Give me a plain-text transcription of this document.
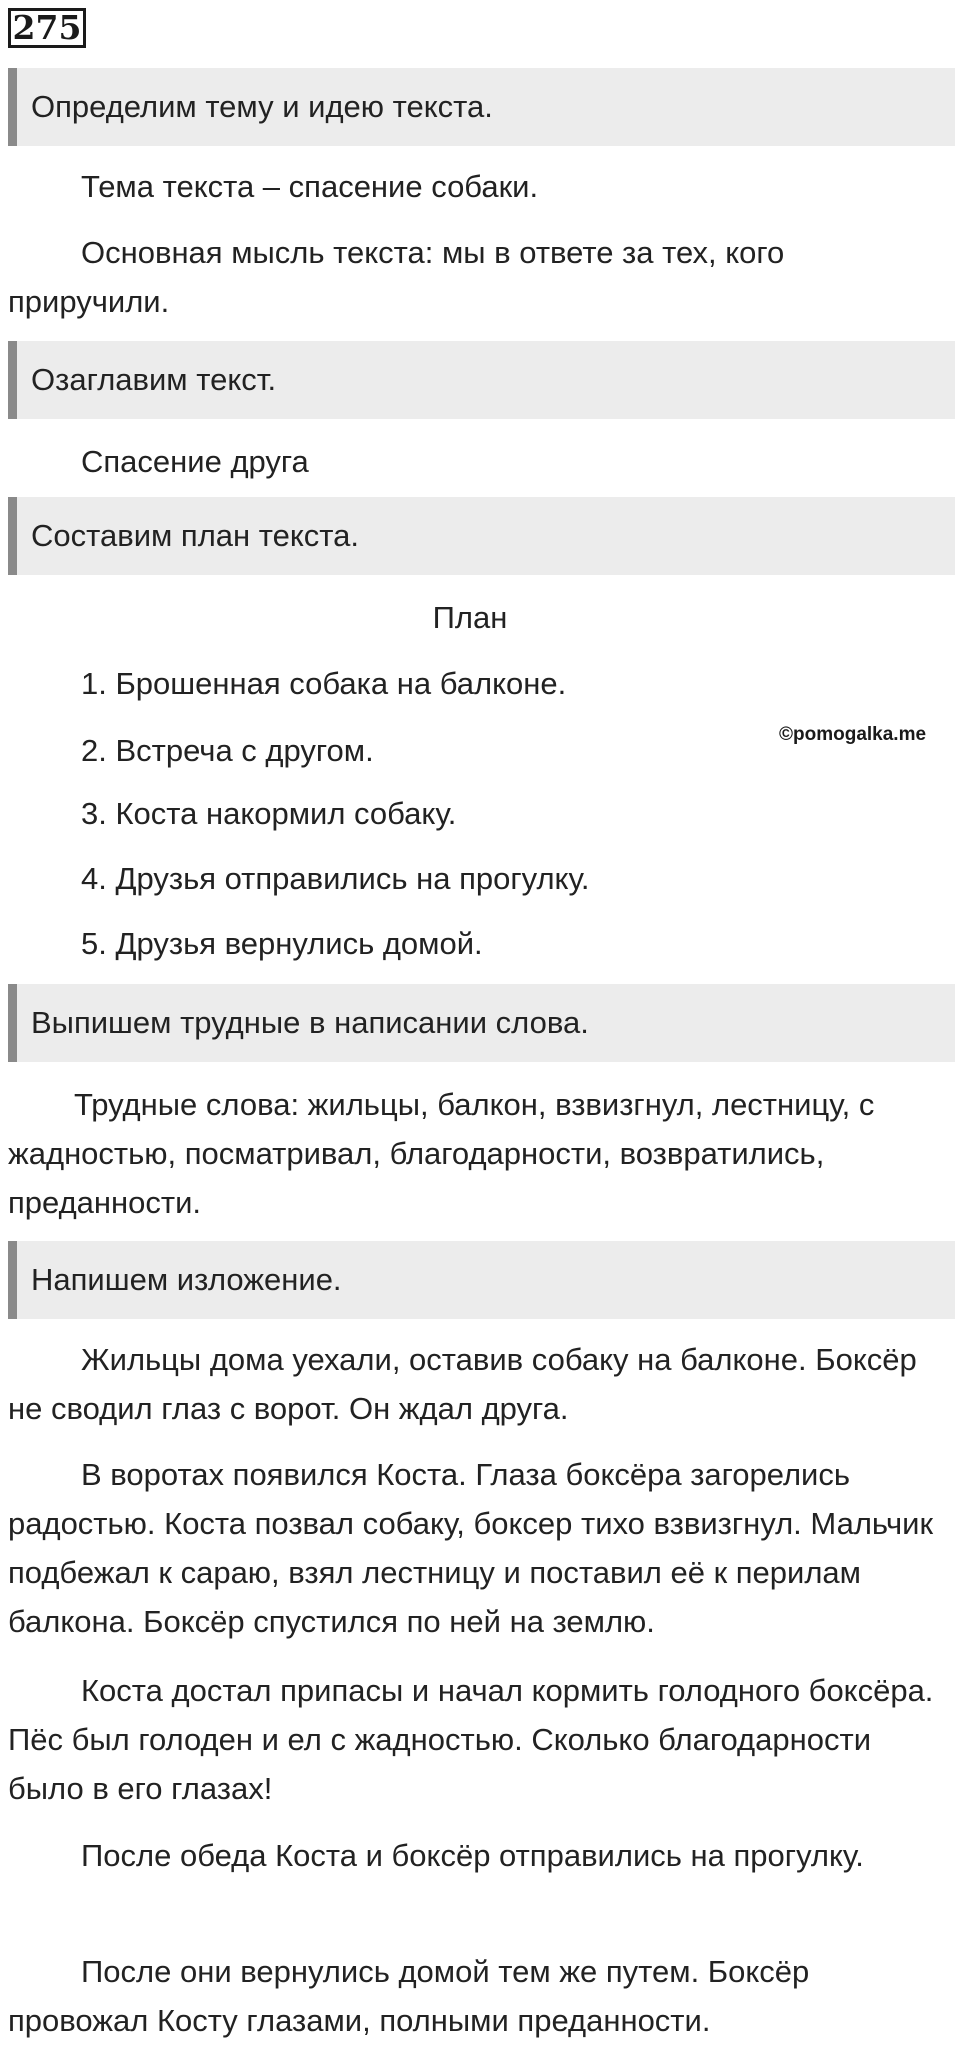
275
Определим тему и идею текста.

Тема текста – спасение собаки.

Основная мысль текста: мы в ответе за тех, кого приручили.

Озаглавим текст.

Спасение друга

Составим план текста.
План
1. Брошенная собака на балконе.
2. Встреча с другом.
3. Коста накормил собаку.
4. Друзья отправились на прогулку.
5. Друзья вернулись домой.
©pomogalka.me
Выпишем трудные в написании слова.

Трудные слова: жильцы, балкон, взвизгнул, лестницу, с жадностью, посматривал, благодарности, возвратились, преданности.

Напишем изложение.

Жильцы дома уехали, оставив собаку на балконе. Боксёр не сводил глаз с ворот. Он ждал друга.

В воротах появился Коста. Глаза боксёра загорелись радостью. Коста позвал собаку, боксер тихо взвизгнул. Мальчик подбежал к сараю, взял лестницу и поставил её к перилам балкона. Боксёр спустился по ней на землю.

Коста достал припасы и начал кормить голодного боксёра. Пёс был голоден и ел с жадностью. Сколько благодарности было в его глазах!

После обеда Коста и боксёр отправились на прогулку.

После они вернулись домой тем же путем. Боксёр провожал Косту глазами, полными преданности.
